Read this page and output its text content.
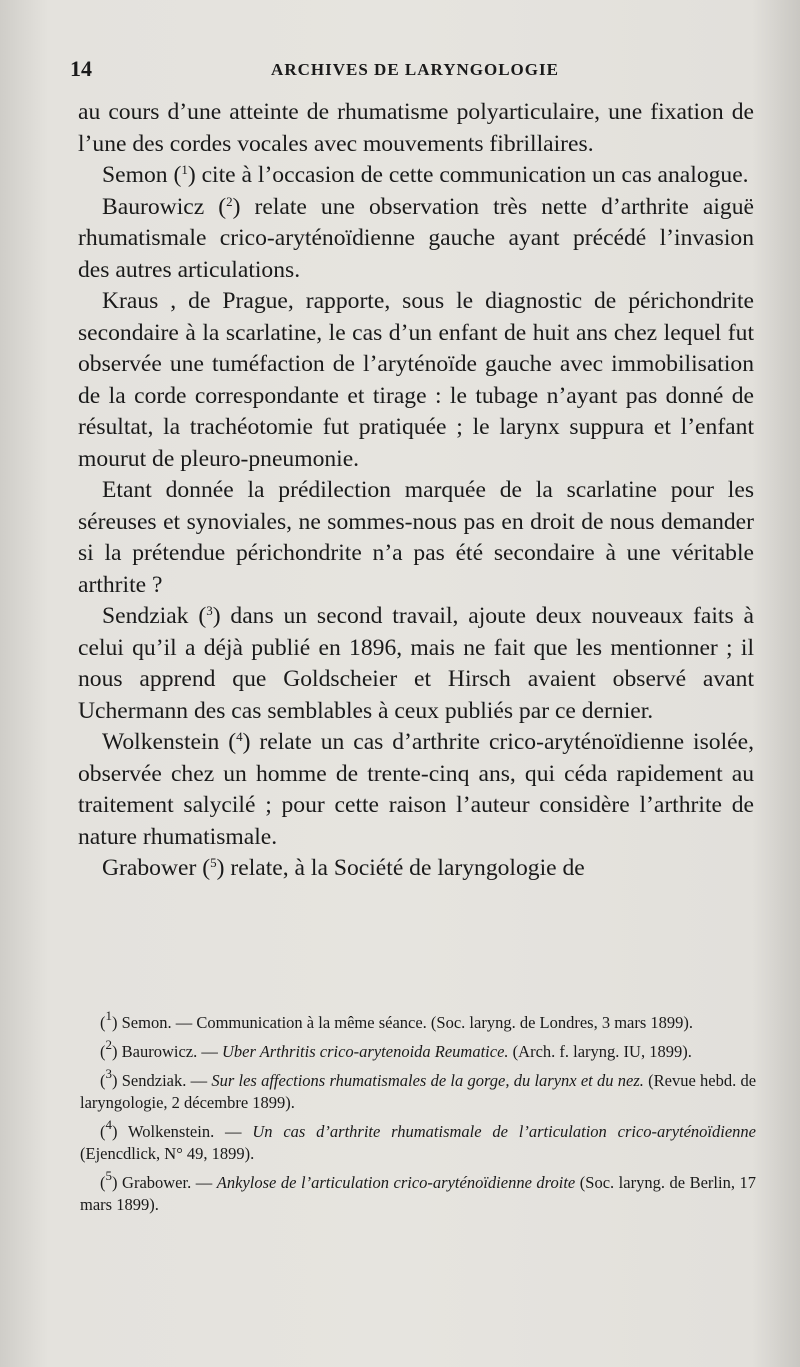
14	ARCHIVES DE LARYNGOLOGIE

au cours d’une atteinte de rhumatisme polyarticulaire, une fixation de l’une des cordes vocales avec mouvements fibrillaires.

Semon ($^1$) cite à l’occasion de cette communication un cas analogue.

Baurowicz ($^2$) relate une observation très nette d’arthrite aiguë rhumatismale crico-aryténoïdienne gauche ayant précédé l’invasion des autres articulations.

Kraus , de Prague, rapporte, sous le diagnostic de périchondrite secondaire à la scarlatine, le cas d’un enfant de huit ans chez lequel fut observée une tuméfaction de l’aryténoïde gauche avec immobilisation de la corde correspondante et tirage : le tubage n’ayant pas donné de résultat, la trachéotomie fut pratiquée ; le larynx suppura et l’enfant mourut de pleuro-pneumonie.

Etant donnée la prédilection marquée de la scarlatine pour les séreuses et synoviales, ne sommes-nous pas en droit de nous demander si la prétendue périchondrite n’a pas été secondaire à une véritable arthrite ?

Sendziak ($^3$) dans un second travail, ajoute deux nouveaux faits à celui qu’il a déjà publié en 1896, mais ne fait que les mentionner ; il nous apprend que Goldscheier et Hirsch avaient observé avant Uchermann des cas semblables à ceux publiés par ce dernier.

Wolkenstein ($^4$) relate un cas d’arthrite crico-aryténoïdienne isolée, observée chez un homme de trente-cinq ans, qui céda rapidement au traitement salycilé ; pour cette raison l’auteur considère l’arthrite de nature rhumatismale.

Grabower ($^5$) relate, à la Société de laryngologie de

($^1$) Semon. — Communication à la même séance. (Soc. laryng. de Londres, 3 mars 1899).

($^2$) Baurowicz. — Uber Arthritis crico-arytenoida Reumatice. (Arch. f. laryng. IU, 1899).

($^3$) Sendziak. — Sur les affections rhumatismales de la gorge, du larynx et du nez. (Revue hebd. de laryngologie, 2 décembre 1899).

($^4$) Wolkenstein. — Un cas d’arthrite rhumatismale de l’articulation crico-aryténoïdienne (Ejencdlick, N° 49, 1899).

($^5$) Grabower. — Ankylose de l’articulation crico-aryténoïdienne droite (Soc. laryng. de Berlin, 17 mars 1899).
